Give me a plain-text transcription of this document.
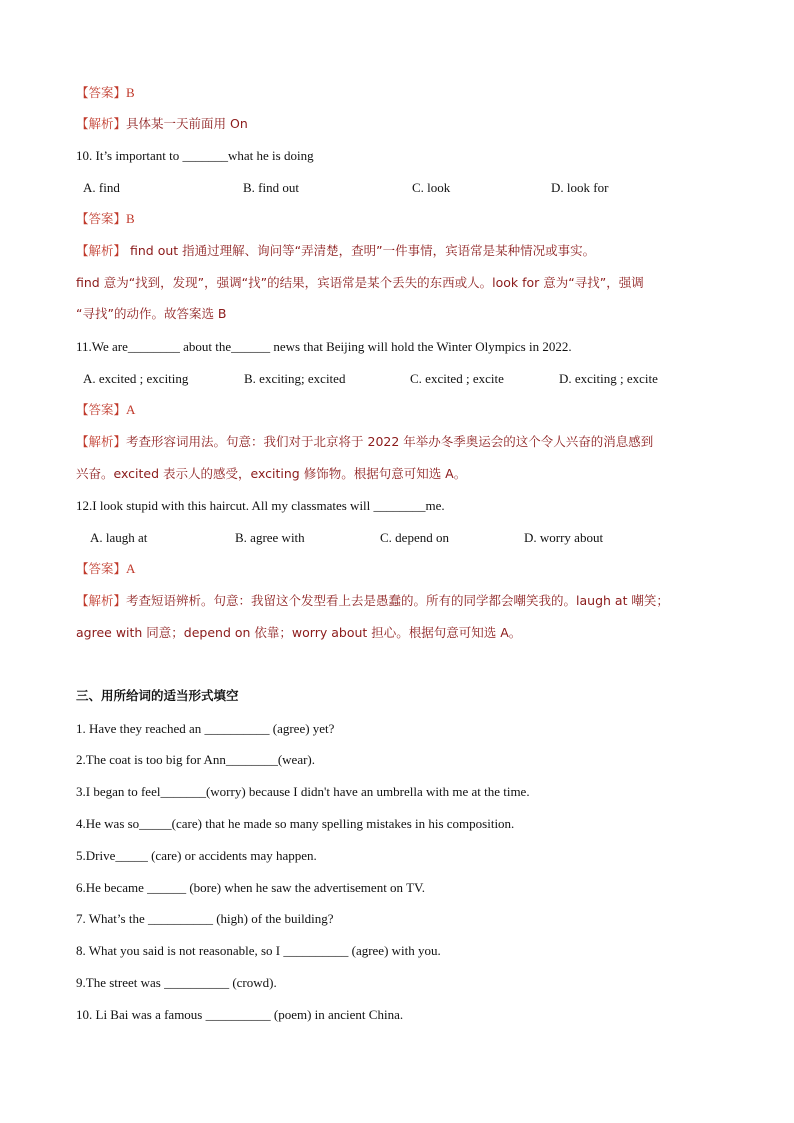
【答案】B
【解析】具体某一天前面用 On
10. It’s important to _______what he is doing
A. find	B. find out	C. look	D. look for
【答案】B
【解析】 find out 指通过理解、询问等“弄清楚，查明”一件事情，宾语常是某种情况或事实。
find 意为“找到，发现”，强调“找”的结果，宾语常是某个丢失的东西或人。look for 意为“寻找”，强调
“寻找”的动作。故答案选 B
11.We are________ about the______ news that Beijing will hold the Winter Olympics in 2022.
A. excited ; exciting	B. exciting; excited	C. excited ; excite	D. exciting ; excite
【答案】A
【解析】考查形容词用法。句意：我们对于北京将于 2022 年举办冬季奥运会的这个令人兴奋的消息感到
兴奋。excited 表示人的感受，exciting 修饰物。根据句意可知选 A。
12.I look stupid with this haircut. All my classmates will ________me.
A. laugh at	B. agree with	C. depend on	D. worry about
【答案】A
【解析】考查短语辨析。句意：我留这个发型看上去是愚蠢的。所有的同学都会嘲笑我的。laugh at 嘲笑；
agree with 同意；depend on 依靠；worry about 担心。根据句意可知选 A。
三、用所给词的适当形式填空
1. Have they reached an __________ (agree) yet?
2.The coat is too big for Ann________(wear).
3.I began to feel_______(worry) because I didn't have an umbrella with me at the time.
4.He was so_____(care) that he made so many spelling mistakes in his composition.
5.Drive_____ (care) or accidents may happen.
6.He became ______ (bore) when he saw the advertisement on TV.
7. What’s the __________ (high) of the building?
8. What you said is not reasonable, so I __________ (agree) with you.
9.The street was __________ (crowd).
10. Li Bai was a famous __________ (poem) in ancient China.
